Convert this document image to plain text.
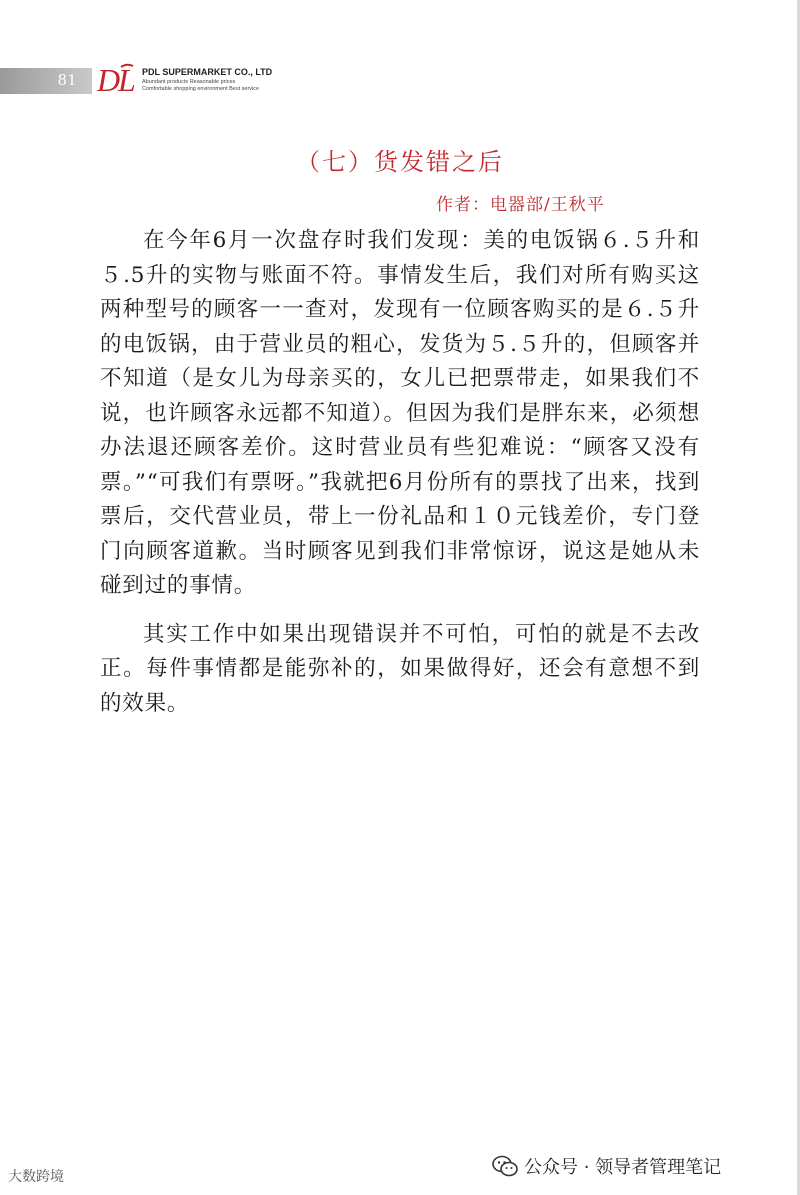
81 D
L PDL SUPERMARKET CO., LTD
Abundant products Reasonable prices
Comfortable shopping environment Best service
（七）货发错之后
作者：电器部/王秋平

在今年6月一次盘存时我们发现：美的电饭锅６.５升和５.5升的实物与账面不符。事情发生后，我们对所有购买这两种型号的顾客一一查对，发现有一位顾客购买的是６.５升的电饭锅，由于营业员的粗心，发货为５.５升的，但顾客并不知道（是女儿为母亲买的，女儿已把票带走，如果我们不说，也许顾客永远都不知道）。但因为我们是胖东来，必须想办法退还顾客差价。这时营业员有些犯难说：“顾客又没有票。”“可我们有票呀。”我就把6月份所有的票找了出来，找到票后，交代营业员，带上一份礼品和１０元钱差价，专门登门向顾客道歉。当时顾客见到我们非常惊讶，说这是她从未碰到过的事情。

其实工作中如果出现错误并不可怕，可怕的就是不去改正。每件事情都是能弥补的，如果做得好，还会有意想不到的效果。

大数跨境	公众号 · 领导者管理笔记
